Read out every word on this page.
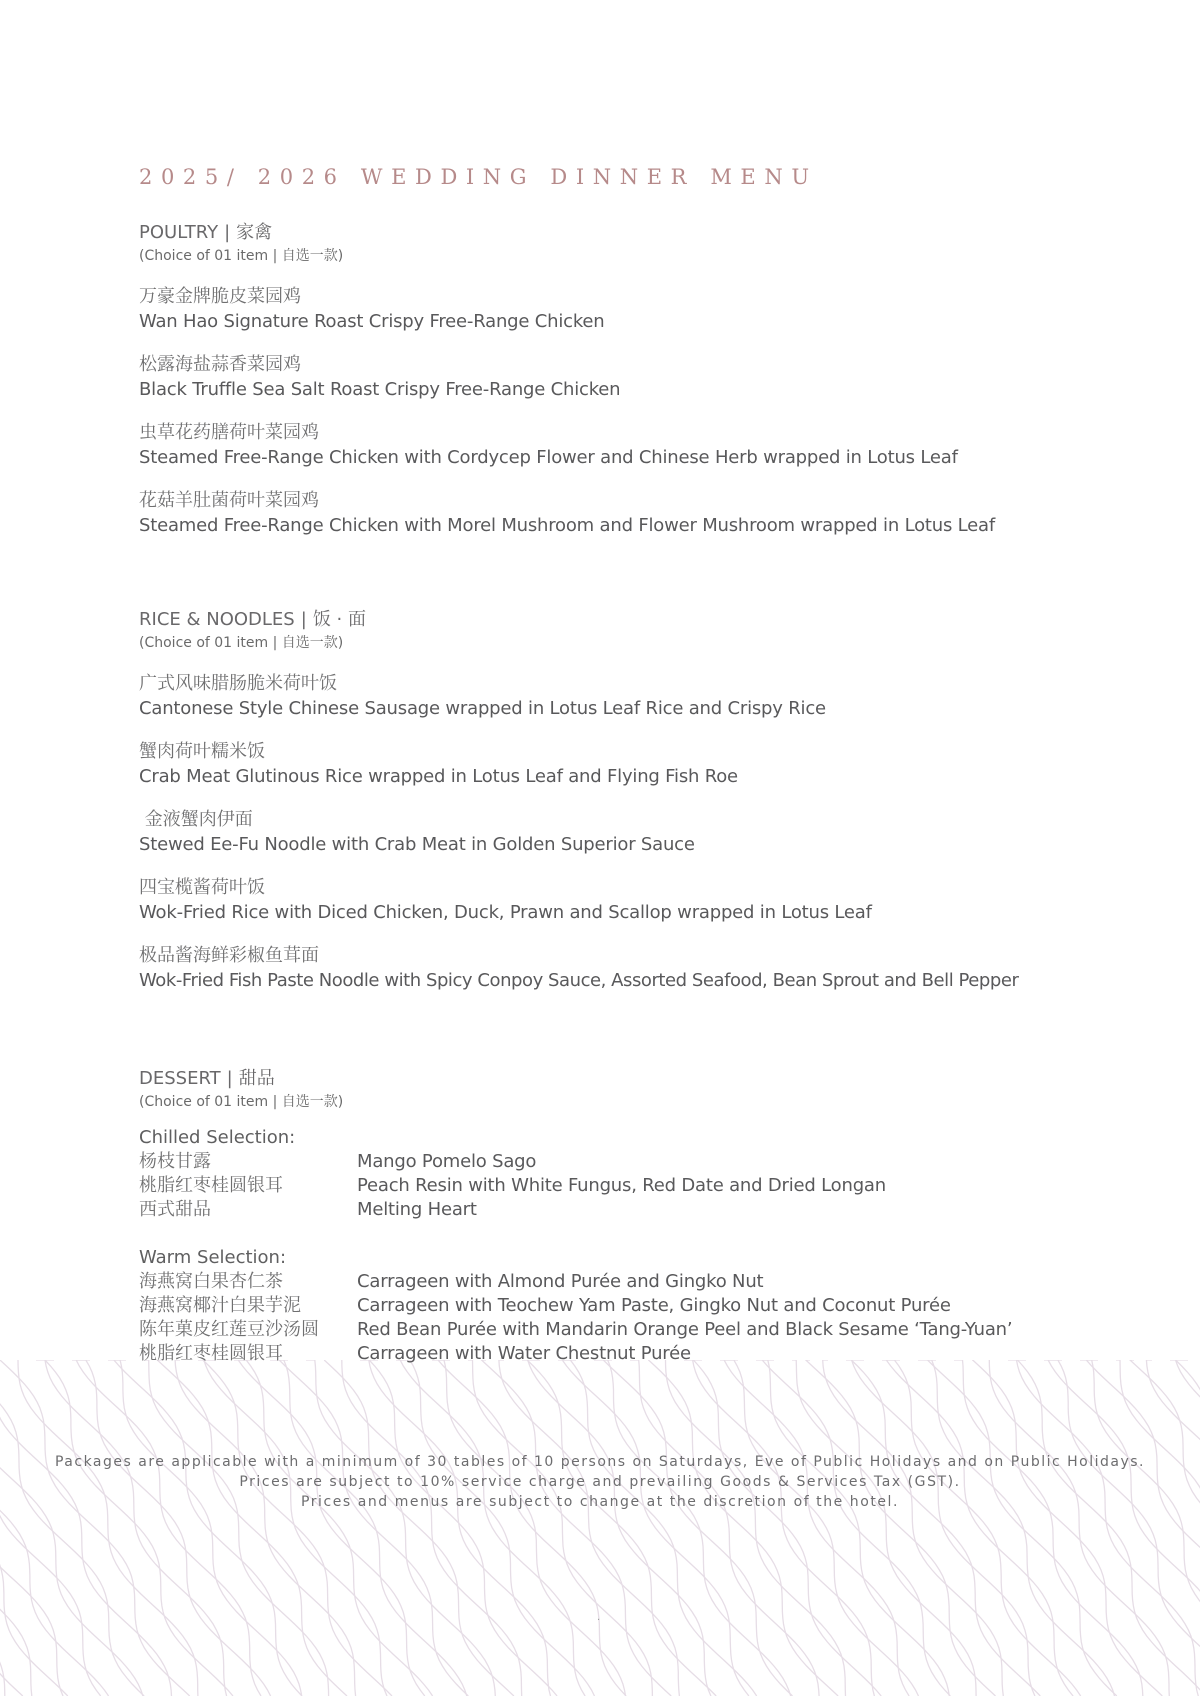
2025/ 2026 WEDDING DINNER MENU
POULTRY | 家禽
(Choice of 01 item | 自选一款)
万豪金牌脆皮菜园鸡
Wan Hao Signature Roast Crispy Free-Range Chicken
松露海盐蒜香菜园鸡
Black Truffle Sea Salt Roast Crispy Free-Range Chicken
虫草花药膳荷叶菜园鸡
Steamed Free-Range Chicken with Cordycep Flower and Chinese Herb wrapped in Lotus Leaf
花菇羊肚菌荷叶菜园鸡
Steamed Free-Range Chicken with Morel Mushroom and Flower Mushroom wrapped in Lotus Leaf
RICE & NOODLES | 饭 · 面
(Choice of 01 item | 自选一款)
广式风味腊肠脆米荷叶饭
Cantonese Style Chinese Sausage wrapped in Lotus Leaf Rice and Crispy Rice
蟹肉荷叶糯米饭
Crab Meat Glutinous Rice wrapped in Lotus Leaf and Flying Fish Roe
金液蟹肉伊面
Stewed Ee-Fu Noodle with Crab Meat in Golden Superior Sauce
四宝榄酱荷叶饭
Wok-Fried Rice with Diced Chicken, Duck, Prawn and Scallop wrapped in Lotus Leaf
极品酱海鲜彩椒鱼茸面
Wok-Fried Fish Paste Noodle with Spicy Conpoy Sauce, Assorted Seafood, Bean Sprout and Bell Pepper
DESSERT | 甜品
(Choice of 01 item | 自选一款)
Chilled Selection:
杨枝甘露	Mango Pomelo Sago
桃脂红枣桂圆银耳	Peach Resin with White Fungus, Red Date and Dried Longan
西式甜品	Melting Heart
Warm Selection:
海燕窝白果杏仁茶	Carrageen with Almond Purée and Gingko Nut
海燕窝椰汁白果芋泥	Carrageen with Teochew Yam Paste, Gingko Nut and Coconut Purée
陈年菓皮红莲豆沙汤圆	Red Bean Purée with Mandarin Orange Peel and Black Sesame ‘Tang-Yuan’
桃脂红枣桂圆银耳	Carrageen with Water Chestnut Purée
Packages are applicable with a minimum of 30 tables of 10 persons on Saturdays, Eve of Public Holidays and on Public Holidays.
Prices are subject to 10% service charge and prevailing Goods & Services Tax (GST).
Prices and menus are subject to change at the discretion of the hotel.
.
